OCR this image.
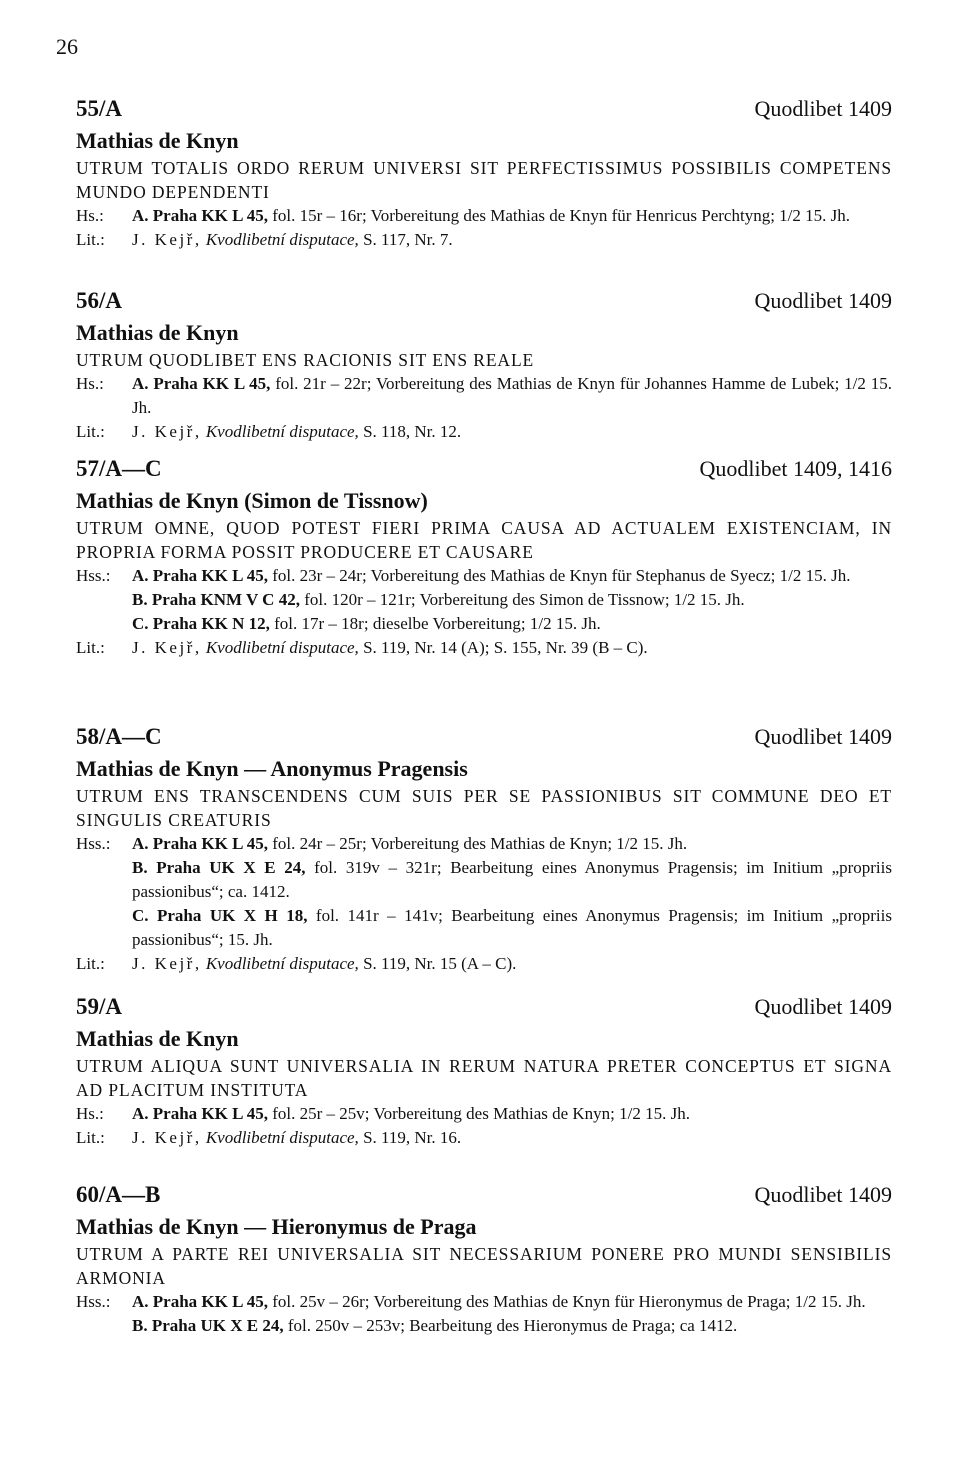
26
55/A	Quodlibet 1409
Mathias de Knyn
UTRUM TOTALIS ORDO RERUM UNIVERSI SIT PERFECTISSIMUS POSSIBILIS COMPETENS MUNDO DEPENDENTI
Hs.:	A. Praha KK L 45, fol. 15r – 16r; Vorbereitung des Mathias de Knyn für Henricus Perchtyng; 1/2 15. Jh.
Lit.:	J. Kejř, Kvodlibetní disputace, S. 117, Nr. 7.
56/A	Quodlibet 1409
Mathias de Knyn
UTRUM QUODLIBET ENS RACIONIS SIT ENS REALE
Hs.:	A. Praha KK L 45, fol. 21r – 22r; Vorbereitung des Mathias de Knyn für Johannes Hamme de Lubek; 1/2 15. Jh.
Lit.:	J. Kejř, Kvodlibetní disputace, S. 118, Nr. 12.
57/A—C	Quodlibet 1409, 1416
Mathias de Knyn (Simon de Tissnow)
UTRUM OMNE, QUOD POTEST FIERI PRIMA CAUSA AD ACTUALEM EXISTENCIAM, IN PROPRIA FORMA POSSIT PRODUCERE ET CAUSARE
Hss.:	A. Praha KK L 45, fol. 23r – 24r; Vorbereitung des Mathias de Knyn für Stephanus de Syecz; 1/2 15. Jh.
B. Praha KNM V C 42, fol. 120r – 121r; Vorbereitung des Simon de Tissnow; 1/2 15. Jh.
C. Praha KK N 12, fol. 17r – 18r; dieselbe Vorbereitung; 1/2 15. Jh.
Lit.:	J. Kejř, Kvodlibetní disputace, S. 119, Nr. 14 (A); S. 155, Nr. 39 (B – C).
58/A—C	Quodlibet 1409
Mathias de Knyn — Anonymus Pragensis
UTRUM ENS TRANSCENDENS CUM SUIS PER SE PASSIONIBUS SIT COMMUNE DEO ET SINGULIS CREATURIS
Hss.:	A. Praha KK L 45, fol. 24r – 25r; Vorbereitung des Mathias de Knyn; 1/2 15. Jh.
B. Praha UK X E 24, fol. 319v – 321r; Bearbeitung eines Anonymus Pragensis; im Initium „propriis passionibus“; ca. 1412.
C. Praha UK X H 18, fol. 141r – 141v; Bearbeitung eines Anonymus Pragensis; im Initium „propriis passionibus“; 15. Jh.
Lit.:	J. Kejř, Kvodlibetní disputace, S. 119, Nr. 15 (A – C).
59/A	Quodlibet 1409
Mathias de Knyn
UTRUM ALIQUA SUNT UNIVERSALIA IN RERUM NATURA PRETER CONCEPTUS ET SIGNA AD PLACITUM INSTITUTA
Hs.:	A. Praha KK L 45, fol. 25r – 25v; Vorbereitung des Mathias de Knyn; 1/2 15. Jh.
Lit.:	J. Kejř, Kvodlibetní disputace, S. 119, Nr. 16.
60/A—B	Quodlibet 1409
Mathias de Knyn — Hieronymus de Praga
UTRUM A PARTE REI UNIVERSALIA SIT NECESSARIUM PONERE PRO MUNDI SENSIBILIS ARMONIA
Hss.:	A. Praha KK L 45, fol. 25v – 26r; Vorbereitung des Mathias de Knyn für Hieronymus de Praga; 1/2 15. Jh.
B. Praha UK X E 24, fol. 250v – 253v; Bearbeitung des Hieronymus de Praga; ca 1412.
